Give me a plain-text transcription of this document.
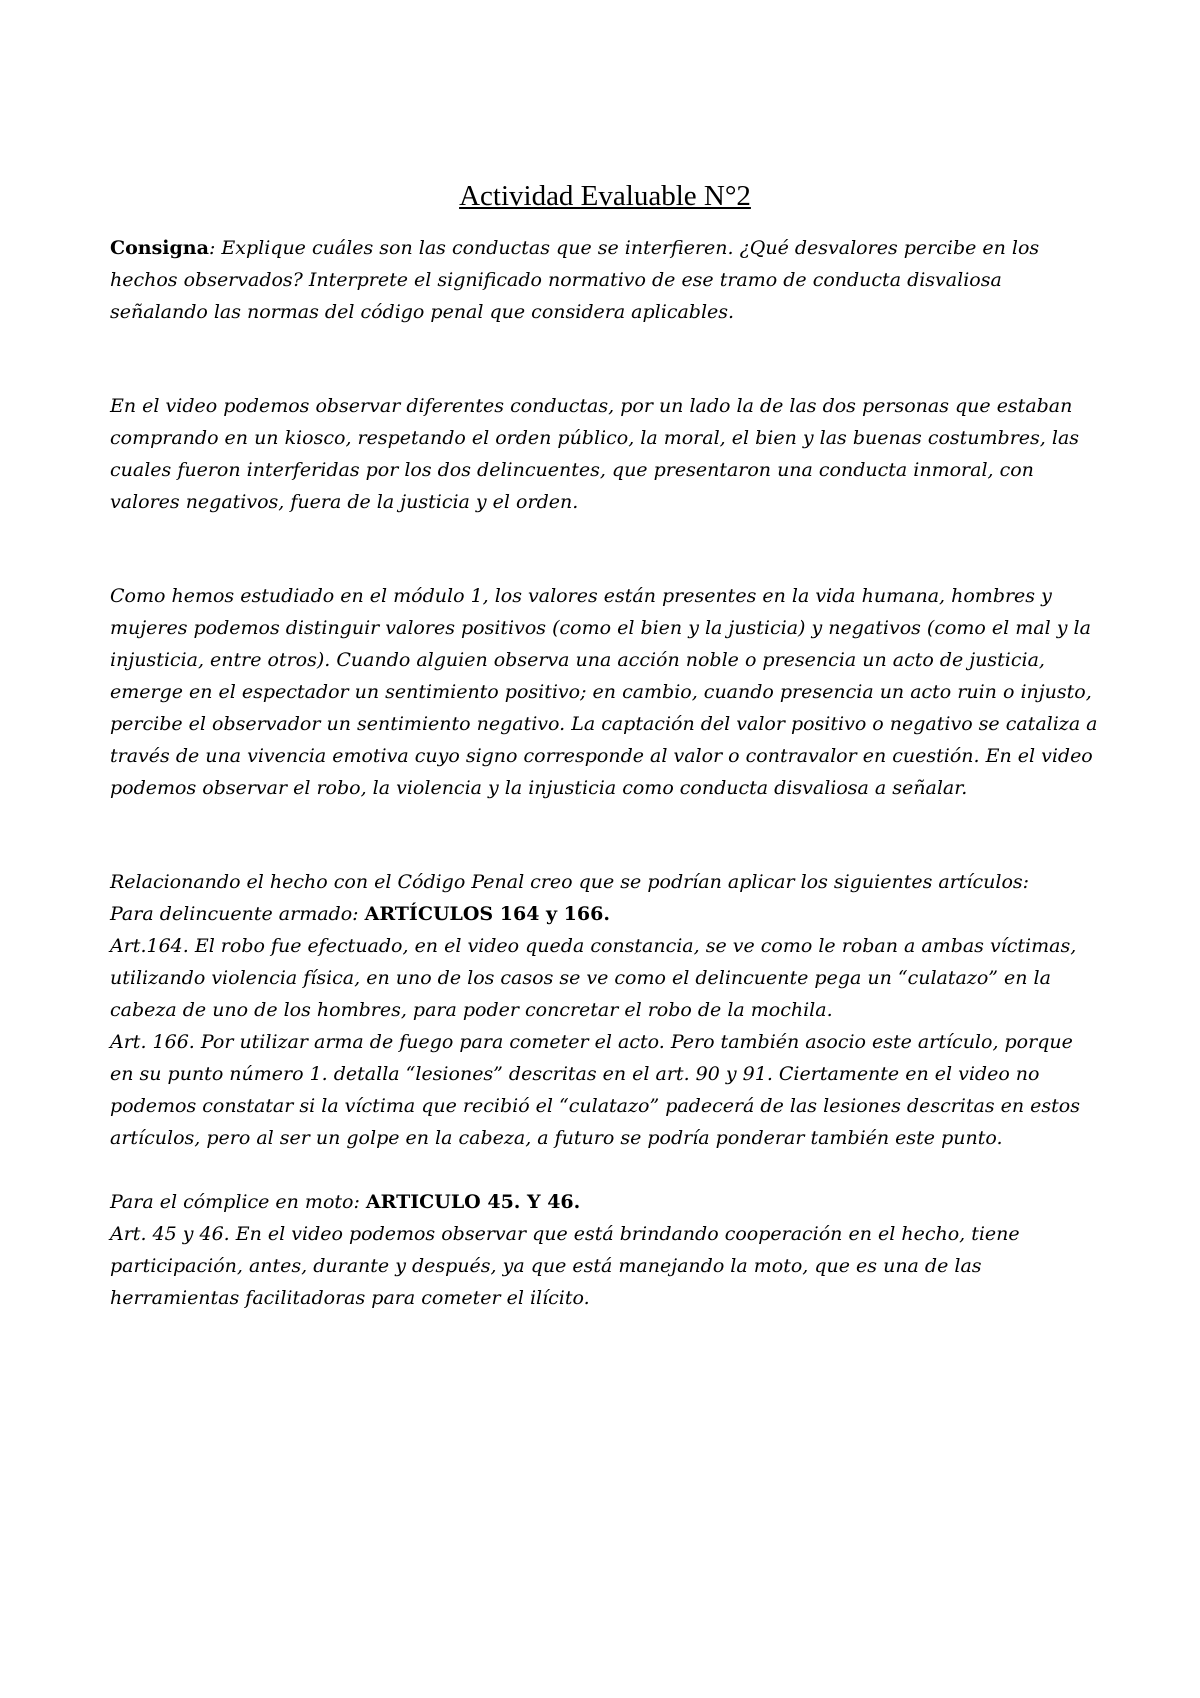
Actividad Evaluable N°2

Consigna: Explique cuáles son las conductas que se interfieren. ¿Qué desvalores percibe en los hechos observados? Interprete el significado normativo de ese tramo de conducta disvaliosa señalando las normas del código penal que considera aplicables.

En el video podemos observar diferentes conductas, por un lado la de las dos personas que estaban comprando en un kiosco, respetando el orden público, la moral, el bien y las buenas costumbres, las cuales fueron interferidas por los dos delincuentes, que presentaron una conducta inmoral, con valores negativos, fuera de la justicia y el orden.

Como hemos estudiado en el módulo 1, los valores están presentes en la vida humana, hombres y mujeres podemos distinguir valores positivos (como el bien y la justicia) y negativos (como el mal y la injusticia, entre otros). Cuando alguien observa una acción noble o presencia un acto de justicia, emerge en el espectador un sentimiento positivo; en cambio, cuando presencia un acto ruin o injusto, percibe el observador un sentimiento negativo. La captación del valor positivo o negativo se cataliza a través de una vivencia emotiva cuyo signo corresponde al valor o contravalor en cuestión. En el video podemos observar el robo, la violencia y la injusticia como conducta disvaliosa a señalar.

Relacionando el hecho con el Código Penal creo que se podrían aplicar los siguientes artículos:

Para delincuente armado: ARTÍCULOS 164 y 166.

Art.164. El robo fue efectuado, en el video queda constancia, se ve como le roban a ambas víctimas, utilizando violencia física, en uno de los casos se ve como el delincuente pega un “culatazo” en la cabeza de uno de los hombres, para poder concretar el robo de la mochila.

Art. 166. Por utilizar arma de fuego para cometer el acto. Pero también asocio este artículo, porque en su punto número 1. detalla “lesiones” descritas en el art. 90 y 91. Ciertamente en el video no podemos constatar si la víctima que recibió el “culatazo” padecerá de las lesiones descritas en estos artículos, pero al ser un golpe en la cabeza, a futuro se podría ponderar también este punto.

Para el cómplice en moto: ARTICULO 45. Y 46.

Art. 45 y 46. En el video podemos observar que está brindando cooperación en el hecho, tiene participación, antes, durante y después, ya que está manejando la moto, que es una de las herramientas facilitadoras para cometer el ilícito.
